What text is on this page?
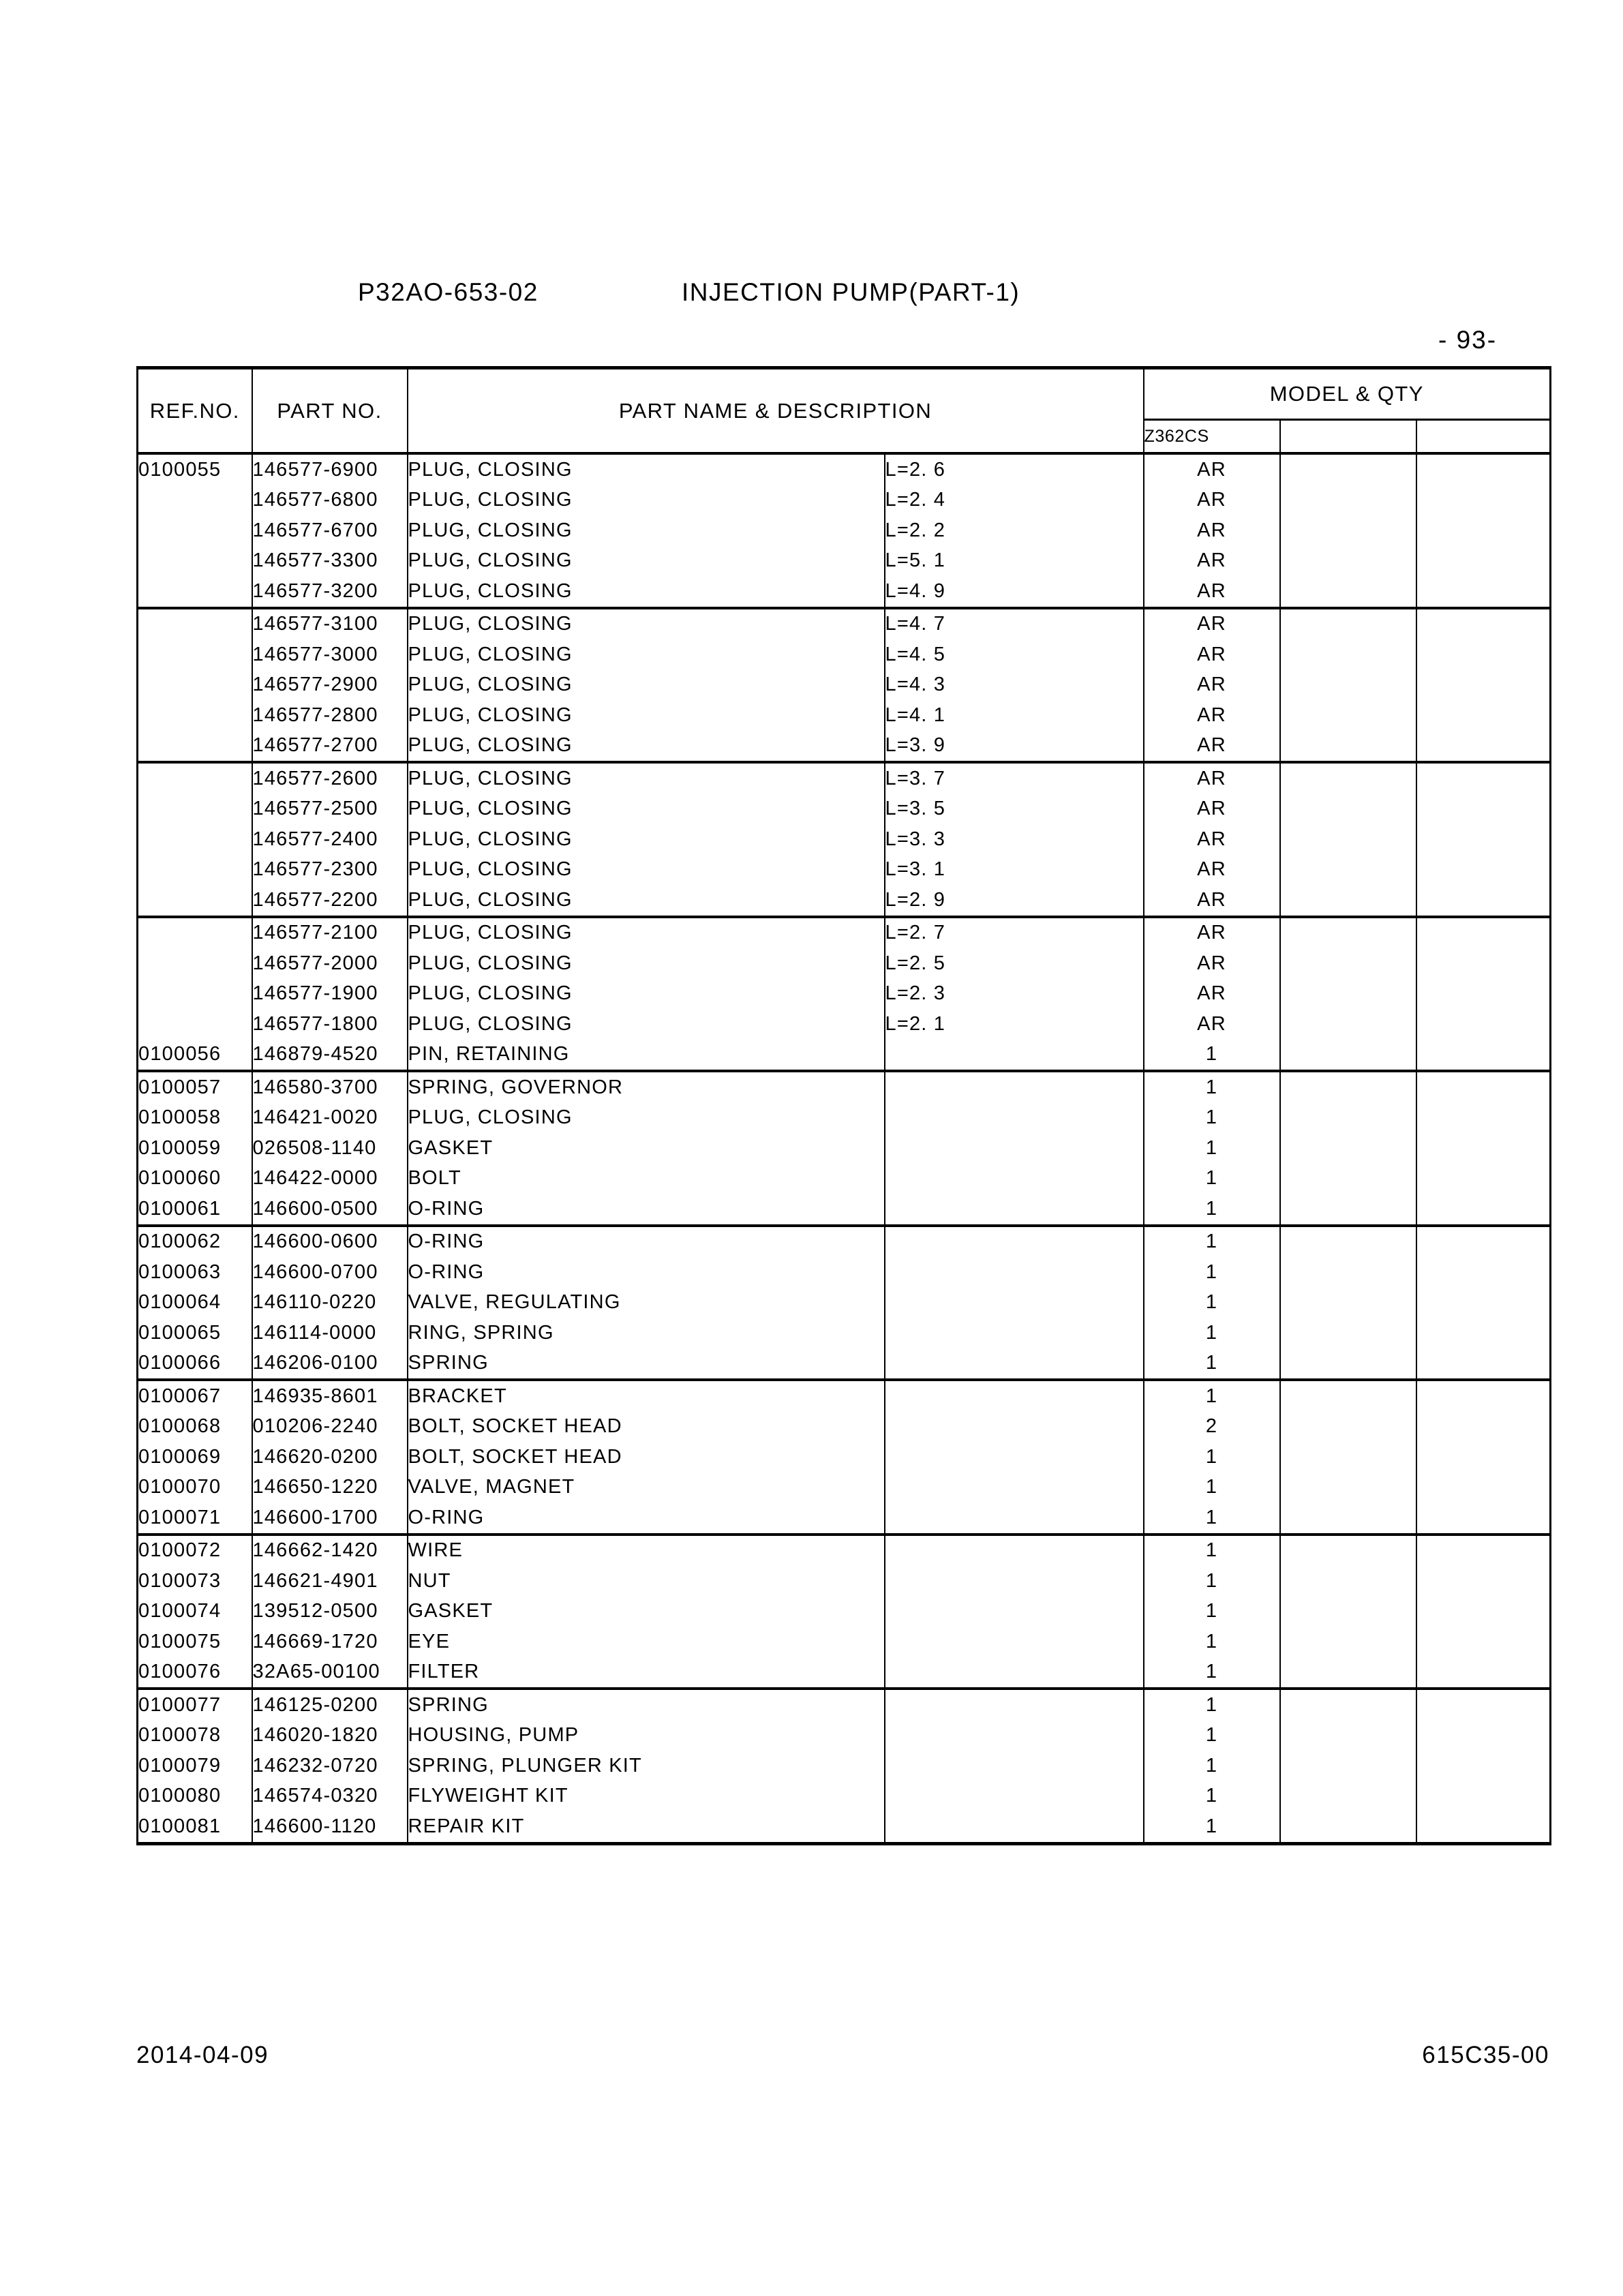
P32AO-653-02	INJECTION PUMP(PART-1)
- 93-
REF.NO.	PART NO.	PART NAME & DESCRIPTION		MODEL & QTY		
				Z362CS		
0100055	146577-6900	PLUG, CLOSING	L=2. 6	AR		
	146577-6800	PLUG, CLOSING	L=2. 4	AR		
	146577-6700	PLUG, CLOSING	L=2. 2	AR		
	146577-3300	PLUG, CLOSING	L=5. 1	AR		
	146577-3200	PLUG, CLOSING	L=4. 9	AR		
	146577-3100	PLUG, CLOSING	L=4. 7	AR		
	146577-3000	PLUG, CLOSING	L=4. 5	AR		
	146577-2900	PLUG, CLOSING	L=4. 3	AR		
	146577-2800	PLUG, CLOSING	L=4. 1	AR		
	146577-2700	PLUG, CLOSING	L=3. 9	AR		
	146577-2600	PLUG, CLOSING	L=3. 7	AR		
	146577-2500	PLUG, CLOSING	L=3. 5	AR		
	146577-2400	PLUG, CLOSING	L=3. 3	AR		
	146577-2300	PLUG, CLOSING	L=3. 1	AR		
	146577-2200	PLUG, CLOSING	L=2. 9	AR		
	146577-2100	PLUG, CLOSING	L=2. 7	AR		
	146577-2000	PLUG, CLOSING	L=2. 5	AR		
	146577-1900	PLUG, CLOSING	L=2. 3	AR		
	146577-1800	PLUG, CLOSING	L=2. 1	AR		
0100056	146879-4520	PIN, RETAINING		1		
0100057	146580-3700	SPRING, GOVERNOR		1		
0100058	146421-0020	PLUG, CLOSING		1		
0100059	026508-1140	GASKET		1		
0100060	146422-0000	BOLT		1		
0100061	146600-0500	O-RING		1		
0100062	146600-0600	O-RING		1		
0100063	146600-0700	O-RING		1		
0100064	146110-0220	VALVE, REGULATING		1		
0100065	146114-0000	RING, SPRING		1		
0100066	146206-0100	SPRING		1		
0100067	146935-8601	BRACKET		1		
0100068	010206-2240	BOLT, SOCKET HEAD		2		
0100069	146620-0200	BOLT, SOCKET HEAD		1		
0100070	146650-1220	VALVE, MAGNET		1		
0100071	146600-1700	O-RING		1		
0100072	146662-1420	WIRE		1		
0100073	146621-4901	NUT		1		
0100074	139512-0500	GASKET		1		
0100075	146669-1720	EYE		1		
0100076	32A65-00100	FILTER		1		
0100077	146125-0200	SPRING		1		
0100078	146020-1820	HOUSING, PUMP		1		
0100079	146232-0720	SPRING, PLUNGER KIT		1		
0100080	146574-0320	FLYWEIGHT KIT		1		
0100081	146600-1120	REPAIR KIT		1		
2014-04-09	615C35-00
